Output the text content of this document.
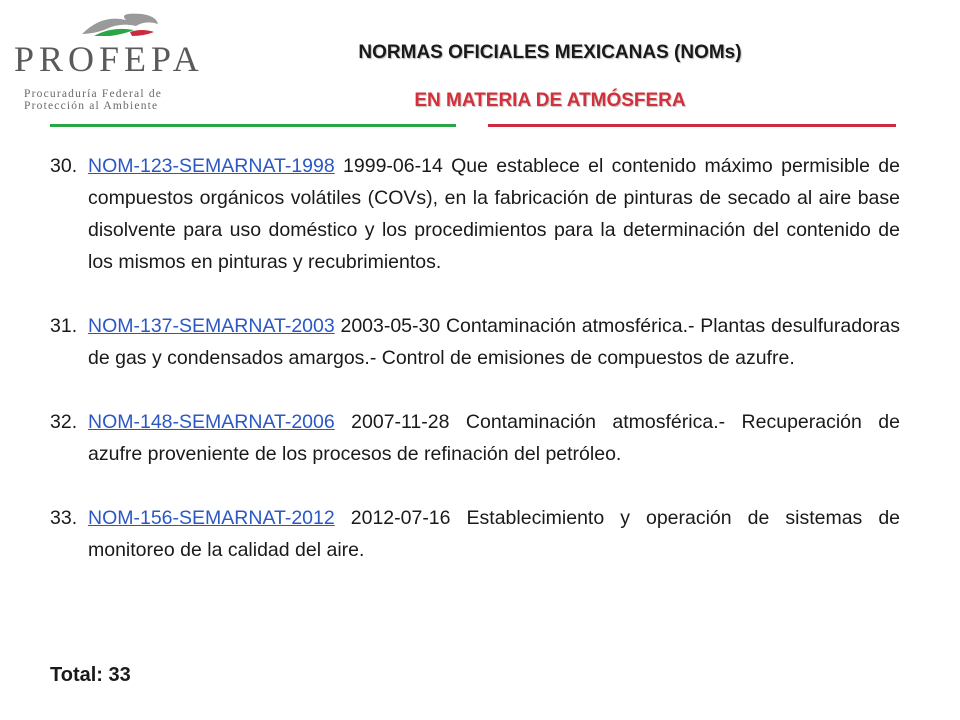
PROFEPA
Procuraduría Federal de
Protección al Ambiente
NORMAS OFICIALES MEXICANAS (NOMs)
EN MATERIA DE ATMÓSFERA
30. NOM-123-SEMARNAT-1998 1999-06-14 Que establece el contenido máximo permisible de compuestos orgánicos volátiles (COVs), en la fabricación de pinturas de secado al aire base disolvente para uso doméstico y los procedimientos para la determinación del contenido de los mismos en pinturas y recubrimientos.
31. NOM-137-SEMARNAT-2003 2003-05-30 Contaminación atmosférica.- Plantas desulfuradoras de gas y condensados amargos.- Control de emisiones de compuestos de azufre.
32. NOM-148-SEMARNAT-2006 2007-11-28 Contaminación atmosférica.- Recuperación de azufre proveniente de los procesos de refinación del petróleo.
33. NOM-156-SEMARNAT-2012 2012-07-16 Establecimiento y operación de sistemas de monitoreo de la calidad del aire.
Total: 33
